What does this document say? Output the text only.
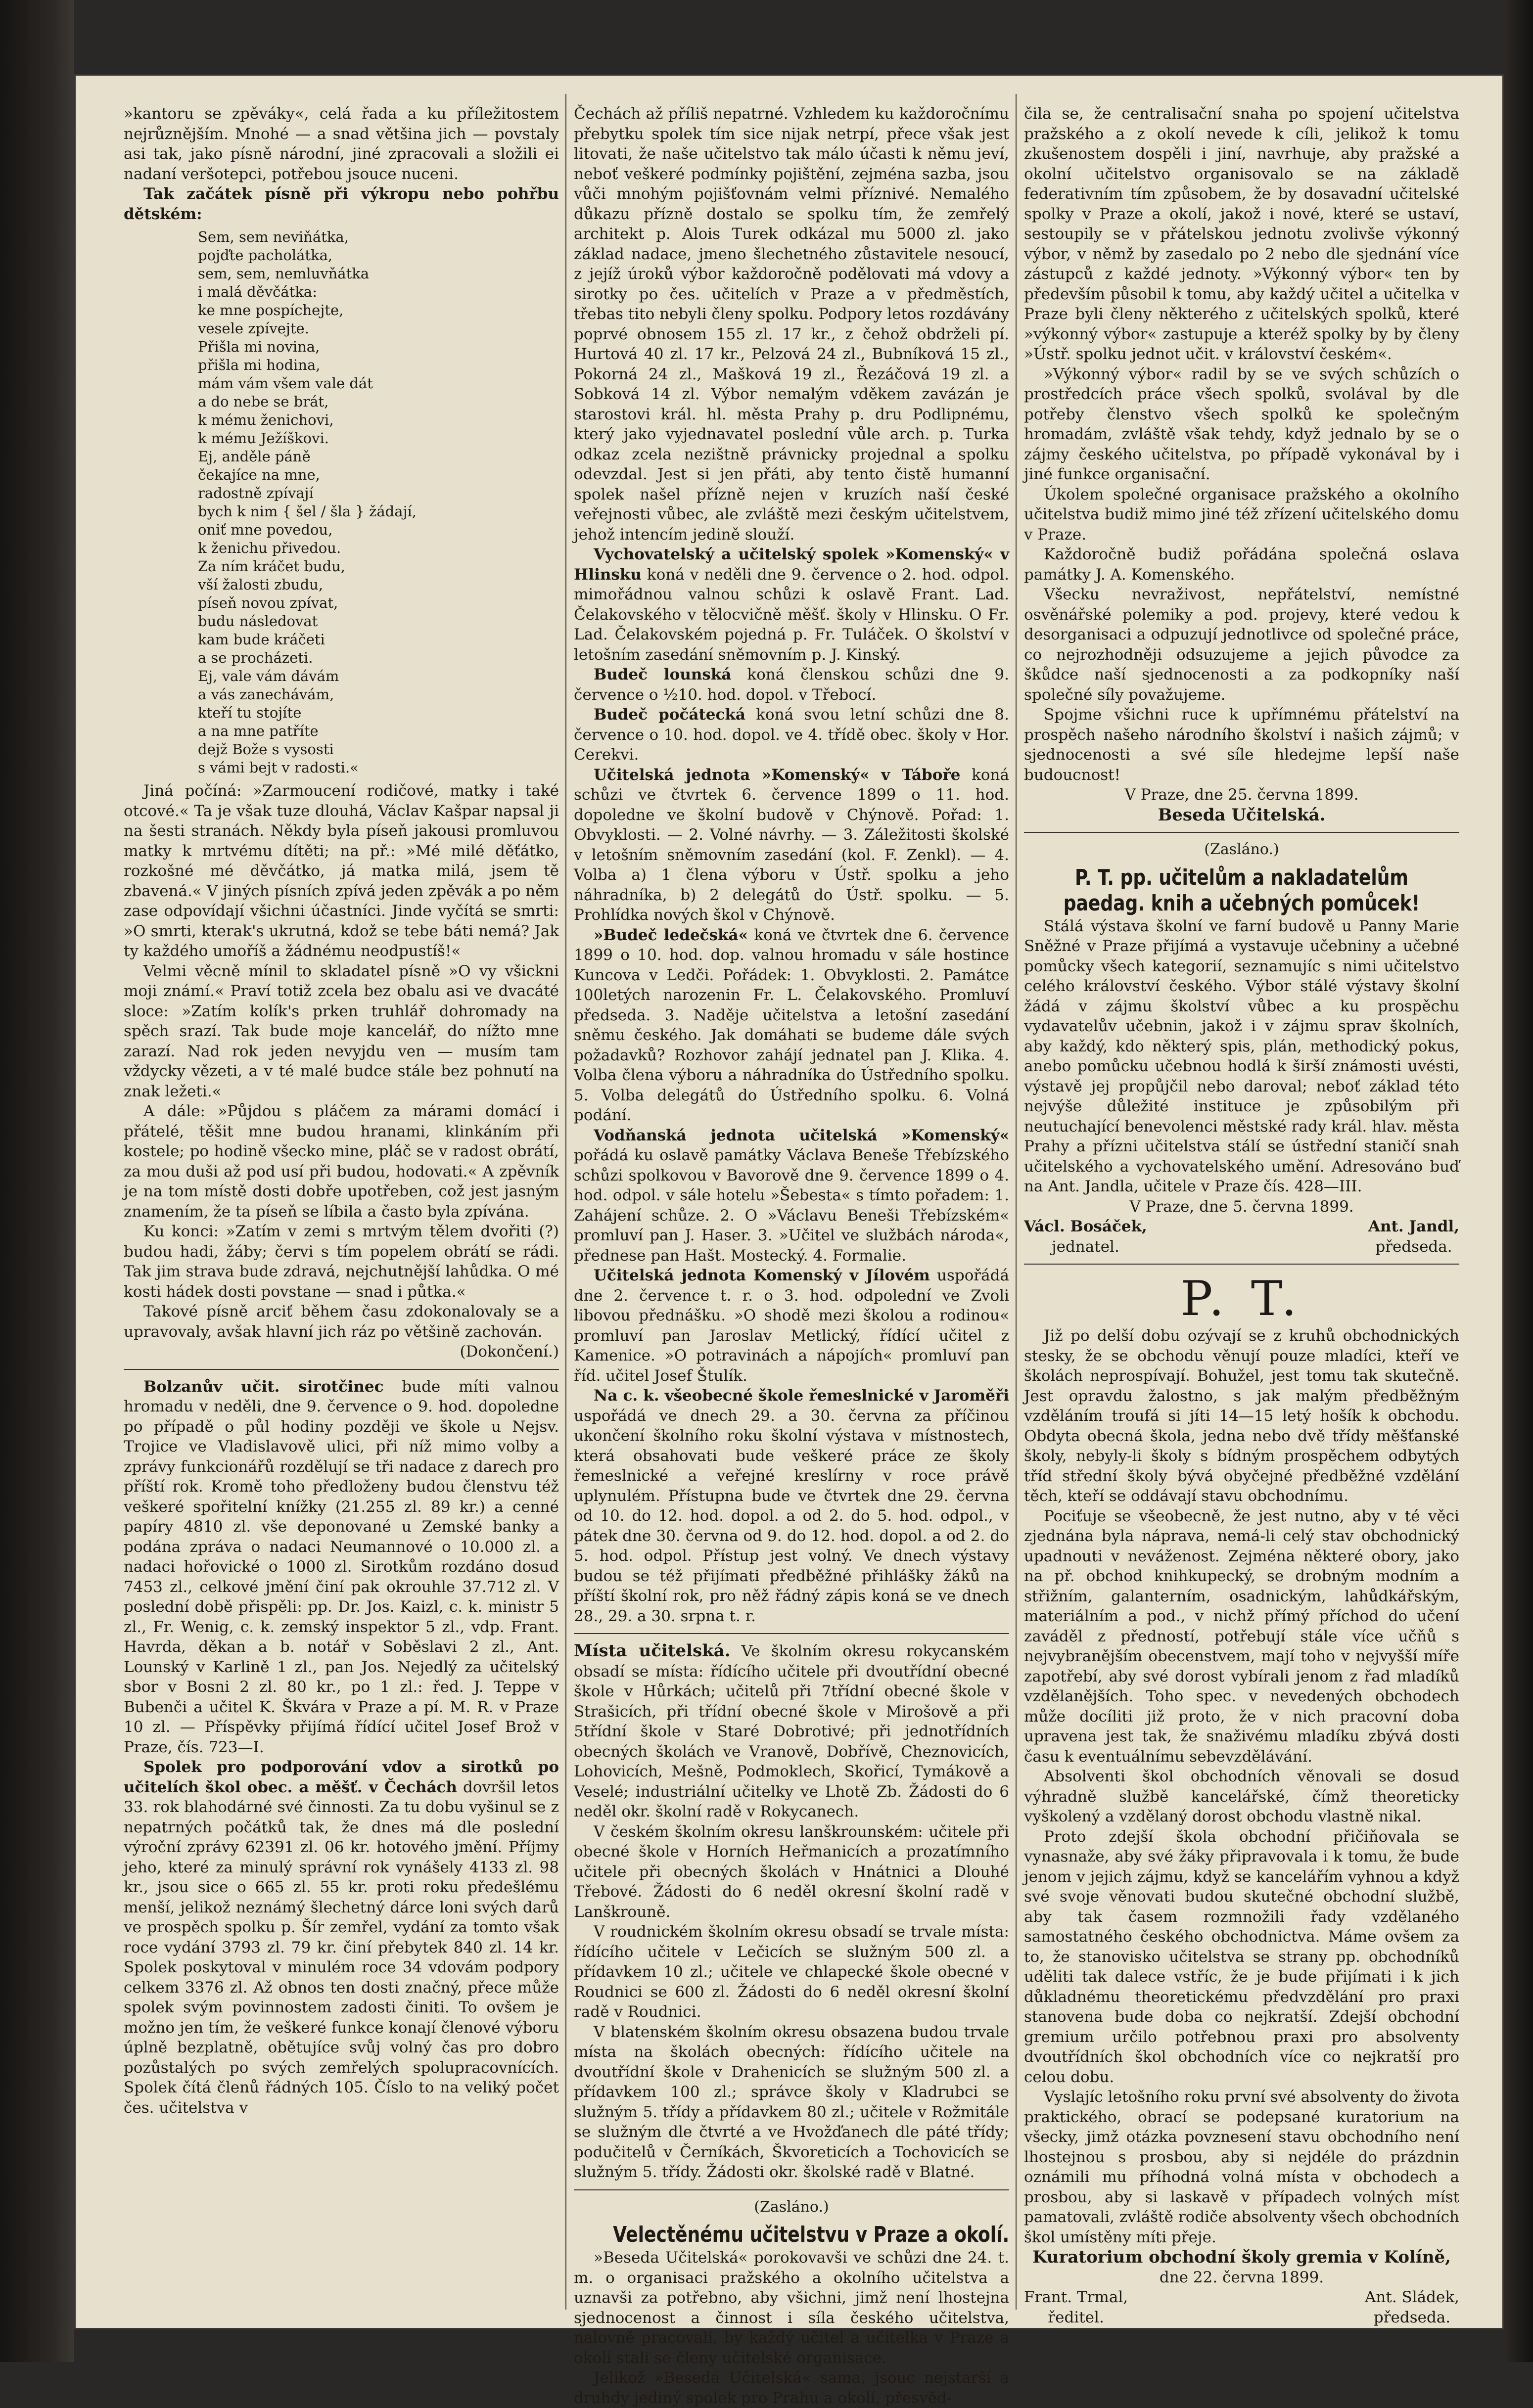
»kantoru se zpěváky«, celá řada a ku příležitostem nejrůznějším. Mnohé — a snad většina jich — povstaly asi tak, jako písně národní, jiné zpracovali a složili ei nadaní veršotepci, potřebou jsouce nuceni.

Tak začátek písně při výkropu nebo pohřbu dětském:

Sem, sem neviňátka,
pojďte pacholátka,
sem, sem, nemluvňátka
i malá děvčátka:
ke mne pospíchejte,
vesele zpívejte.
Přišla mi novina,
přišla mi hodina,
mám vám všem vale dát
a do nebe se brát,
k mému ženichovi,
k mému Ježíškovi.
Ej, anděle páně
čekajíce na mne,
radostně zpívají
bych k nim { šel / šla } žádají,
oniť mne povedou,
k ženichu přivedou.
Za ním kráčet budu,
vší žalosti zbudu,
píseň novou zpívat,
budu následovat
kam bude kráčeti
a se procházeti.
Ej, vale vám dávám
a vás zanechávám,
kteří tu stojíte
a na mne patříte
dejž Bože s vysosti
s vámi bejt v radosti.«

Jiná počíná: »Zarmoucení rodičové, matky i také otcové.« Ta je však tuze dlouhá, Václav Kašpar napsal ji na šesti stranách. Někdy byla píseň jakousi promluvou matky k mrtvému dítěti; na př.: »Mé milé děťátko, rozkošné mé děvčátko, já matka milá, jsem tě zbavená.« V jiných písních zpívá jeden zpěvák a po něm zase odpovídají všichni účastníci. Jinde vyčítá se smrti: »O smrti, kterak's ukrutná, kdož se tebe báti nemá? Jak ty každého umoříš a žádnému neodpustíš!«

Velmi věcně mínil to skladatel písně »O vy všickni moji známí.« Praví totiž zcela bez obalu asi ve dvacáté sloce: »Zatím kolík's prken truhlář dohromady na spěch srazí. Tak bude moje kancelář, do nížto mne zarazí. Nad rok jeden nevyjdu ven — musím tam vždycky vězeti, a v té malé budce stále bez pohnutí na znak ležeti.«

A dále: »Půjdou s pláčem za márami domácí i přátelé, těšit mne budou hranami, klinkáním při kostele; po hodině všecko mine, pláč se v radost obrátí, za mou duši až pod usí při budou, hodovati.« A zpěvník je na tom místě dosti dobře upotřeben, což jest jasným znamením, že ta píseň se líbila a často byla zpívána.

Ku konci: »Zatím v zemi s mrtvým tělem dvořiti (?) budou hadi, žáby; červi s tím popelem obrátí se rádi. Tak jim strava bude zdravá, nejchutnější lahůdka. O mé kosti hádek dosti povstane — snad i půtka.«

Takové písně arciť během času zdokonalovaly se a upravovaly, avšak hlavní jich ráz po většině zachován.

(Dokončení.)

Bolzanův učit. sirotčinec bude míti valnou hromadu v neděli, dne 9. července o 9. hod. dopoledne po případě o půl hodiny později ve škole u Nejsv. Trojice ve Vladislavově ulici, při níž mimo volby a zprávy funkcionářů rozdělují se tři nadace z darech pro příští rok. Kromě toho předloženy budou členstvu též veškeré spořitelní knížky (21.255 zl. 89 kr.) a cenné papíry 4810 zl. vše deponované u Zemské banky a podána zpráva o nadaci Neumannové o 10.000 zl. a nadaci hořovické o 1000 zl. Sirotkům rozdáno dosud 7453 zl., celkové jmění činí pak okrouhle 37.712 zl. V poslední době přispěli: pp. Dr. Jos. Kaizl, c. k. ministr 5 zl., Fr. Wenig, c. k. zemský inspektor 5 zl., vdp. Frant. Havrda, děkan a b. notář v Soběslavi 2 zl., Ant. Lounský v Karlině 1 zl., pan Jos. Nejedlý za učitelský sbor v Bosni 2 zl. 80 kr., po 1 zl.: řed. J. Teppe v Bubenči a učitel K. Škvára v Praze a pí. M. R. v Praze 10 zl. — Příspěvky přijímá řídící učitel Josef Brož v Praze, čís. 723—I.

Spolek pro podporování vdov a sirotků po učitelích škol obec. a měšť. v Čechách dovršil letos 33. rok blahodárné své činnosti. Za tu dobu vyšinul se z nepatrných počátků tak, že dnes má dle poslední výroční zprávy 62391 zl. 06 kr. hotového jmění. Příjmy jeho, které za minulý správní rok vynášely 4133 zl. 98 kr., jsou sice o 665 zl. 55 kr. proti roku předešlému menší, jelikož neznámý šlechetný dárce loni svých darů ve prospěch spolku p. Šír zemřel, vydání za tomto však roce vydání 3793 zl. 79 kr. činí přebytek 840 zl. 14 kr. Spolek poskytoval v minulém roce 34 vdovám podpory celkem 3376 zl. Až obnos ten dosti značný, přece může spolek svým povinnostem zadosti činiti. To ovšem je možno jen tím, že veškeré funkce konají členové výboru úplně bezplatně, obětujíce svůj volný čas pro dobro pozůstalých po svých zemřelých spolupracovnících. Spolek čítá členů řádných 105. Číslo to na veliký počet čes. učitelstva v

Čechách až příliš nepatrné. Vzhledem ku každoročnímu přebytku spolek tím sice nijak netrpí, přece však jest litovati, že naše učitelstvo tak málo účasti k němu jeví, neboť veškeré podmínky pojištění, zejména sazba, jsou vůči mnohým pojišťovnám velmi příznivé. Nemalého důkazu přízně dostalo se spolku tím, že zemřelý architekt p. Alois Turek odkázal mu 5000 zl. jako základ nadace, jmeno šlechetného zůstavitele nesoucí, z jejíž úroků výbor každoročně podělovati má vdovy a sirotky po čes. učitelích v Praze a v předměstích, třebas tito nebyli členy spolku. Podpory letos rozdávány poprvé obnosem 155 zl. 17 kr., z čehož obdrželi pí. Hurtová 40 zl. 17 kr., Pelzová 24 zl., Bubníková 15 zl., Pokorná 24 zl., Mašková 19 zl., Řezáčová 19 zl. a Sobková 14 zl. Výbor nemalým vděkem zavázán je starostovi král. hl. města Prahy p. dru Podlipnému, který jako vyjednavatel poslední vůle arch. p. Turka odkaz zcela nezištně právnicky projednal a spolku odevzdal. Jest si jen přáti, aby tento čistě humanní spolek našel přízně nejen v kruzích naší české veřejnosti vůbec, ale zvláště mezi českým učitelstvem, jehož intencím jedině slouží.

Vychovatelský a učitelský spolek »Komenský« v Hlinsku koná v neděli dne 9. července o 2. hod. odpol. mimořádnou valnou schůzi k oslavě Frant. Lad. Čelakovského v tělocvičně měšť. školy v Hlinsku. O Fr. Lad. Čelakovském pojedná p. Fr. Tuláček. O školství v letošním zasedání sněmovním p. J. Kinský.

Budeč lounská koná členskou schůzi dne 9. července o ½10. hod. dopol. v Třebocí.

Budeč počátecká koná svou letní schůzi dne 8. července o 10. hod. dopol. ve 4. třídě obec. školy v Hor. Cerekvi.

Učitelská jednota »Komenský« v Táboře koná schůzi ve čtvrtek 6. července 1899 o 11. hod. dopoledne ve školní budově v Chýnově. Pořad: 1. Obvyklosti. — 2. Volné návrhy. — 3. Záležitosti školské v letošním sněmovním zasedání (kol. F. Zenkl). — 4. Volba a) 1 člena výboru v Ústř. spolku a jeho náhradníka, b) 2 delegátů do Ústř. spolku. — 5. Prohlídka nových škol v Chýnově.

»Budeč ledečská« koná ve čtvrtek dne 6. července 1899 o 10. hod. dop. valnou hromadu v sále hostince Kuncova v Ledči. Pořádek: 1. Obvyklosti. 2. Památce 100letých narozenin Fr. L. Čelakovského. Promluví předseda. 3. Naděje učitelstva a letošní zasedání sněmu českého. Jak domáhati se budeme dále svých požadavků? Rozhovor zahájí jednatel pan J. Klika. 4. Volba člena výboru a náhradníka do Ústředního spolku. 5. Volba delegátů do Ústředního spolku. 6. Volná podání.

Vodňanská jednota učitelská »Komenský« pořádá ku oslavě památky Václava Beneše Třebízského schůzi spolkovou v Bavorově dne 9. července 1899 o 4. hod. odpol. v sále hotelu »Šebesta« s tímto pořadem: 1. Zahájení schůze. 2. O »Václavu Beneši Třebízském« promluví pan J. Haser. 3. »Učitel ve službách národa«, přednese pan Hašt. Mostecký. 4. Formalie.

Učitelská jednota Komenský v Jílovém uspořádá dne 2. července t. r. o 3. hod. odpolední ve Zvoli libovou přednášku. »O shodě mezi školou a rodinou« promluví pan Jaroslav Metlický, řídící učitel z Kamenice. »O potravinách a nápojích« promluví pan říd. učitel Josef Štulík.

Na c. k. všeobecné škole řemeslnické v Jaroměři uspořádá ve dnech 29. a 30. června za příčinou ukončení školního roku školní výstava v místnostech, která obsahovati bude veškeré práce ze školy řemeslnické a veřejné kreslírny v roce právě uplynulém. Přístupna bude ve čtvrtek dne 29. června od 10. do 12. hod. dopol. a od 2. do 5. hod. odpol., v pátek dne 30. června od 9. do 12. hod. dopol. a od 2. do 5. hod. odpol. Přístup jest volný. Ve dnech výstavy budou se též přijímati předběžné přihlášky žáků na příští školní rok, pro něž řádný zápis koná se ve dnech 28., 29. a 30. srpna t. r.

Místa učitelská. Ve školním okresu rokycanském obsadí se místa: řídícího učitele při dvoutřídní obecné škole v Hůrkách; učitelů při 7třídní obecné škole v Strašicích, při třídní obecné škole v Mirošově a při 5třídní škole v Staré Dobrotivé; při jednotřídních obecných školách ve Vranově, Dobřívě, Cheznovicích, Lohovicích, Mešně, Podmoklech, Skořicí, Tymákově a Veselé; industriální učitelky ve Lhotě Zb. Žádosti do 6 neděl okr. školní radě v Rokycanech.

V českém školním okresu lanškrounském: učitele při obecné škole v Horních Heřmanicích a prozatímního učitele při obecných školách v Hnátnici a Dlouhé Třebové. Žádosti do 6 neděl okresní školní radě v Lanškrouně.

V roudnickém školním okresu obsadí se trvale místa: řídícího učitele v Lečicích se služným 500 zl. a přídavkem 10 zl.; učitele ve chlapecké škole obecné v Roudnici se 600 zl. Žádosti do 6 neděl okresní školní radě v Roudnici.

V blatenském školním okresu obsazena budou trvale místa na školách obecných: řídícího učitele na dvoutřídní škole v Drahenicích se služným 500 zl. a přídavkem 100 zl.; správce školy v Kladrubci se služným 5. třídy a přídavkem 80 zl.; učitele v Rožmitále se služným dle čtvrté a ve Hvožďanech dle páté třídy; podučitelů v Černíkách, Škvoreticích a Tochovicích se služným 5. třídy. Žádosti okr. školské radě v Blatné.

(Zasláno.)
Velectěnému učitelstvu v Praze a okolí.

»Beseda Učitelská« porokovavši ve schůzi dne 24. t. m. o organisaci pražského a okolního učitelstva a uznavši za potřebno, aby všichni, jimž není lhostejna sjednocenost a činnost i síla českého učitelstva, nalovně pracovali, by každý učitel a učitelka v Praze a okolí stali se členy učitelské organisace.

Jelikož »Beseda Učitelská« sama, jsouc nejstarší a druhdy jediný spolek pro Prahu a okolí, přesvěd-

čila se, že centralisační snaha po spojení učitelstva pražského a z okolí nevede k cíli, jelikož k tomu zkušenostem dospěli i jiní, navrhuje, aby pražské a okolní učitelstvo organisovalo se na základě federativním tím způsobem, že by dosavadní učitelské spolky v Praze a okolí, jakož i nové, které se ustaví, sestoupily se v přátelskou jednotu zvolivše výkonný výbor, v němž by zasedalo po 2 nebo dle sjednání více zástupců z každé jednoty. »Výkonný výbor« ten by především působil k tomu, aby každý učitel a učitelka v Praze byli členy některého z učitelských spolků, které »výkonný výbor« zastupuje a kteréž spolky by by členy »Ústř. spolku jednot učit. v království českém«.

»Výkonný výbor« radil by se ve svých schůzích o prostředcích práce všech spolků, svolával by dle potřeby členstvo všech spolků ke společným hromadám, zvláště však tehdy, když jednalo by se o zájmy českého učitelstva, po případě vykonával by i jiné funkce organisační.

Úkolem společné organisace pražského a okolního učitelstva budiž mimo jiné též zřízení učitelského domu v Praze.

Každoročně budiž pořádána společná oslava památky J. A. Komenského.

Všecku nevraživost, nepřátelství, nemístné osvěnářské polemiky a pod. projevy, které vedou k desorganisaci a odpuzují jednotlivce od společné práce, co nejrozhodněji odsuzujeme a jejich původce za škůdce naší sjednocenosti a za podkopníky naší společné síly považujeme.

Spojme všichni ruce k upřímnému přátelství na prospěch našeho národního školství i našich zájmů; v sjednocenosti a své síle hledejme lepší naše budoucnost!

V Praze, dne 25. června 1899.
Beseda Učitelská.
(Zasláno.)
P. T. pp. učitelům a nakladatelům paedag. knih a učebných pomůcek!

Stálá výstava školní ve farní budově u Panny Marie Sněžné v Praze přijímá a vystavuje učebniny a učebné pomůcky všech kategorií, seznamujíc s nimi učitelstvo celého království českého. Výbor stálé výstavy školní žádá v zájmu školství vůbec a ku prospěchu vydavatelův učebnin, jakož i v zájmu sprav školních, aby každý, kdo některý spis, plán, methodický pokus, anebo pomůcku učebnou hodlá k širší známosti uvésti, výstavě jej propůjčil nebo daroval; neboť základ této nejvýše důležité instituce je způsobilým při neutuchající benevolenci městské rady král. hlav. města Prahy a přízni učitelstva stálí se ústřední staničí snah učitelského a vychovatelského umění. Adresováno buď na Ant. Jandla, učitele v Praze čís. 428—III.

V Praze, dne 5. června 1899.
Václ. Bosáček,
jednatel.
Ant. Jandl,
předseda.
P. T.

Již po delší dobu ozývají se z kruhů obchodnických stesky, že se obchodu věnují pouze mladíci, kteří ve školách neprospívají. Bohužel, jest tomu tak skutečně. Jest opravdu žalostno, s jak malým předběžným vzděláním troufá si jíti 14—15 letý hošík k obchodu. Obdyta obecná škola, jedna nebo dvě třídy měšťanské školy, nebyly-li školy s bídným prospěchem odbytých tříd střední školy bývá obyčejné předběžné vzdělání těch, kteří se oddávají stavu obchodnímu.

Pociťuje se všeobecně, že jest nutno, aby v té věci zjednána byla náprava, nemá-li celý stav obchodnický upadnouti v neváženost. Zejména některé obory, jako na př. obchod knihkupecký, se drobným modním a střižním, galanterním, osadnickým, lahůdkářským, materiálním a pod., v nichž přímý příchod do učení zaváděl z předností, potřebují stále více učňů s nejvybranějším obecenstvem, mají toho v nejvyšší míře zapotřebí, aby své dorost vybírali jenom z řad mladíků vzdělanějších. Toho spec. v nevedených obchodech může docíliti již proto, že v nich pracovní doba upravena jest tak, že snaživému mladíku zbývá dosti času k eventuálnímu sebevzdělávání.

Absolventi škol obchodních věnovali se dosud výhradně službě kancelářské, čímž theoreticky vyškolený a vzdělaný dorost obchodu vlastně nikal.

Proto zdejší škola obchodní přičiňovala se vynasnaže, aby své žáky připravovala i k tomu, že bude jenom v jejich zájmu, když se kancelářím vyhnou a když své svoje věnovati budou skutečné obchodní službě, aby tak časem rozmnožili řady vzdělaného samostatného českého obchodnictva. Máme ovšem za to, že stanovisko učitelstva se strany pp. obchodníků uděliti tak dalece vstříc, že je bude přijímati i k jich důkladnému theoretickému předvzdělání pro praxi stanovena bude doba co nejkratší. Zdejší obchodní gremium určilo potřebnou praxi pro absolventy dvoutřídních škol obchodních více co nejkratší pro celou dobu.

Vyslajíc letošního roku první své absolventy do života praktického, obrací se podepsané kuratorium na všecky, jimž otázka povznesení stavu obchodního není lhostejnou s prosbou, aby si nejdéle do prázdnin oznámili mu příhodná volná místa v obchodech a prosbou, aby si laskavě v případech volných míst pamatovali, zvláště rodiče absolventy všech obchodních škol umístěny míti přeje.

Kuratorium obchodní školy gremia v Kolíně,
dne 22. června 1899.
Frant. Trmal,
ředitel.
Ant. Sládek,
předseda.
